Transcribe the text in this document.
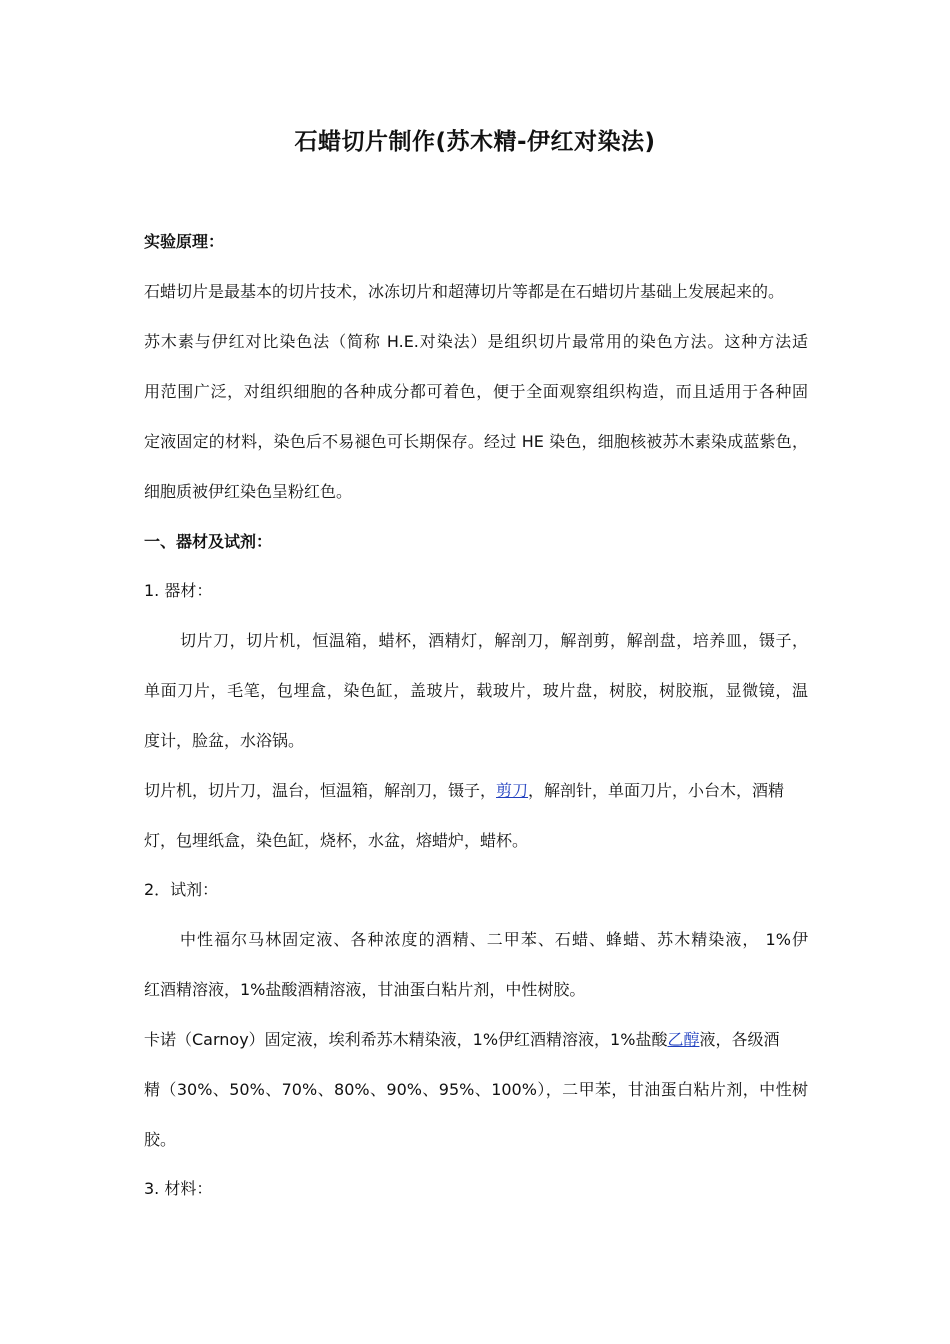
石蜡切片制作(苏木精-伊红对染法)

实验原理：

石蜡切片是最基本的切片技术，冰冻切片和超薄切片等都是在石蜡切片基础上发展起来的。

苏木素与伊红对比染色法（简称 H.E.对染法）是组织切片最常用的染色方法。这种方法适

用范围广泛，对组织细胞的各种成分都可着色，便于全面观察组织构造，而且适用于各种固

定液固定的材料，染色后不易褪色可长期保存。经过 HE 染色，细胞核被苏木素染成蓝紫色，

细胞质被伊红染色呈粉红色。

一、器材及试剂：

1. 器材：

切片刀，切片机，恒温箱，蜡杯，酒精灯，解剖刀，解剖剪，解剖盘，培养皿，镊子，

单面刀片，毛笔，包埋盒，染色缸，盖玻片，载玻片，玻片盘，树胶，树胶瓶，显微镜，温

度计，脸盆，水浴锅。

切片机，切片刀，温台，恒温箱，解剖刀，镊子，剪刀，解剖针，单面刀片，小台木，酒精

灯，包埋纸盒，染色缸，烧杯，水盆，熔蜡炉，蜡杯。

2．试剂：

中性福尔马林固定液、各种浓度的酒精、二甲苯、石蜡、蜂蜡、苏木精染液， 1%伊

红酒精溶液，1%盐酸酒精溶液，甘油蛋白粘片剂，中性树胶。

卡诺（Carnoy）固定液，埃利希苏木精染液，1%伊红酒精溶液，1%盐酸乙醇液，各级酒

精（30%、50%、70%、80%、90%、95%、100%），二甲苯，甘油蛋白粘片剂，中性树

胶。

3. 材料：
